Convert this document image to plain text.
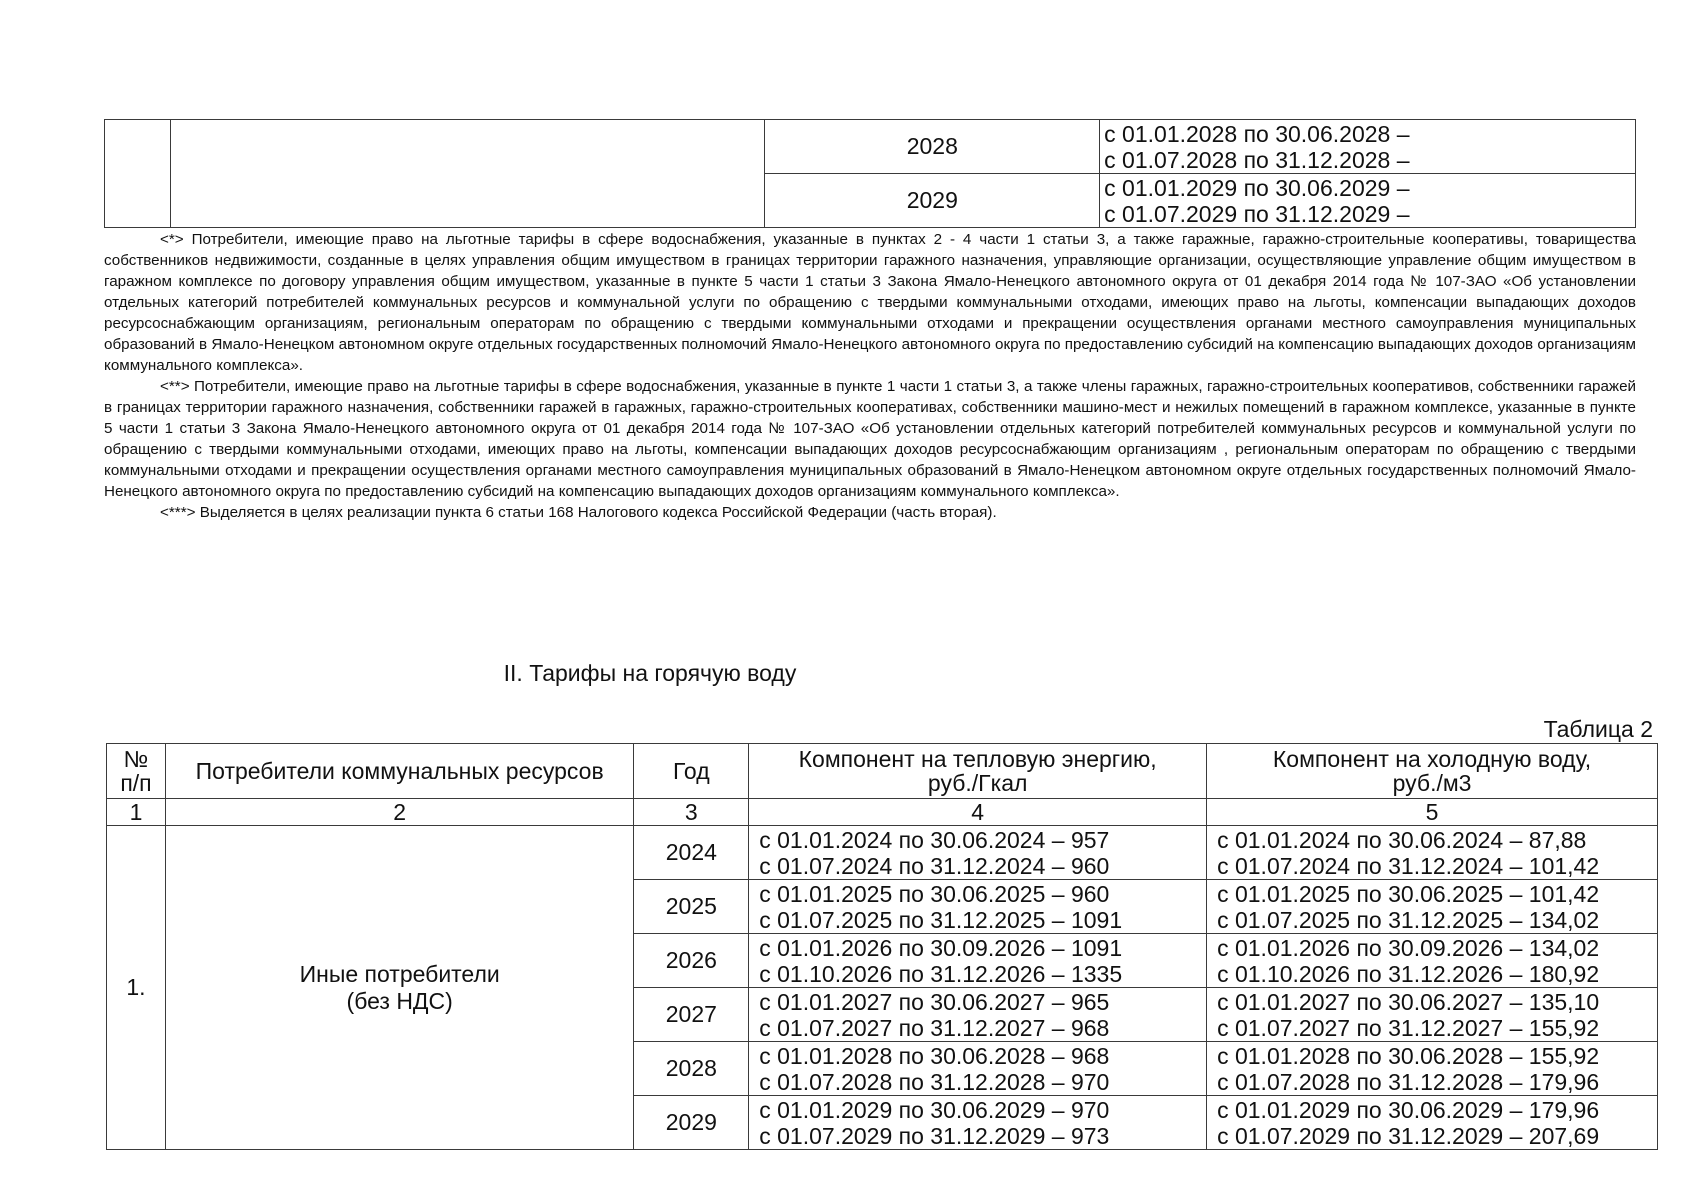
		2028	с 01.01.2028 по 30.06.2028 –
с 01.07.2028 по 31.12.2028 –

		2029	с 01.01.2029 по 30.06.2029 –
с 01.07.2029 по 31.12.2029 –

<*> Потребители, имеющие право на льготные тарифы в сфере водоснабжения, указанные в пунктах 2 - 4 части 1 статьи 3, а также гаражные, гаражно-строительные кооперативы, товарищества собственников недвижимости, созданные в целях управления общим имуществом в границах территории гаражного назначения, управляющие организации, осуществляющие управление общим имуществом в гаражном комплексе по договору управления общим имуществом, указанные в пункте 5 части 1 статьи 3 Закона Ямало-Ненецкого автономного округа от 01 декабря 2014 года № 107-ЗАО «Об установлении отдельных категорий потребителей коммунальных ресурсов и коммунальной услуги по обращению с твердыми коммунальными отходами, имеющих право на льготы, компенсации выпадающих доходов ресурсоснабжающим организациям, региональным операторам по обращению с твердыми коммунальными отходами и прекращении осуществления органами местного самоуправления муниципальных образований в Ямало-Ненецком автономном округе отдельных государственных полномочий Ямало-Ненецкого автономного округа по предоставлению субсидий на компенсацию выпадающих доходов организациям коммунального комплекса».

<**> Потребители, имеющие право на льготные тарифы в сфере водоснабжения, указанные в пункте 1 части 1 статьи 3, а также члены гаражных, гаражно-строительных кооперативов, собственники гаражей в границах территории гаражного назначения, собственники гаражей в гаражных, гаражно-строительных кооперативах, собственники машино-мест и нежилых помещений в гаражном комплексе, указанные в пункте 5 части 1 статьи 3 Закона Ямало-Ненецкого автономного округа от 01 декабря 2014 года № 107-ЗАО «Об установлении отдельных категорий потребителей коммунальных ресурсов и коммунальной услуги по обращению с твердыми коммунальными отходами, имеющих право на льготы, компенсации выпадающих доходов ресурсоснабжающим организациям , региональным операторам по обращению с твердыми коммунальными отходами и прекращении осуществления органами местного самоуправления муниципальных образований в Ямало-Ненецком автономном округе отдельных государственных полномочий Ямало-Ненецкого автономного округа по предоставлению субсидий на компенсацию выпадающих доходов организациям коммунального комплекса».

<***> Выделяется в целях реализации пункта 6 статьи 168 Налогового кодекса Российской Федерации (часть вторая).

II. Тарифы на горячую воду
Таблица 2
№
п/п	Потребители коммунальных ресурсов	Год	Компонент на тепловую энергию,
руб./Гкал	Компонент на холодную воду,
руб./м3

1	2	3	4	5
1.	Иные потребители
(без НДС)	2024	с 01.01.2024 по 30.06.2024 – 957
с 01.07.2024 по 31.12.2024 – 960	с 01.01.2024 по 30.06.2024 – 87,88
с 01.07.2024 по 31.12.2024 – 101,42

		2025	с 01.01.2025 по 30.06.2025 – 960
с 01.07.2025 по 31.12.2025 – 1091	с 01.01.2025 по 30.06.2025 – 101,42
с 01.07.2025 по 31.12.2025 – 134,02

		2026	с 01.01.2026 по 30.09.2026 – 1091
с 01.10.2026 по 31.12.2026 – 1335	с 01.01.2026 по 30.09.2026 – 134,02
с 01.10.2026 по 31.12.2026 – 180,92

		2027	с 01.01.2027 по 30.06.2027 – 965
с 01.07.2027 по 31.12.2027 – 968	с 01.01.2027 по 30.06.2027 – 135,10
с 01.07.2027 по 31.12.2027 – 155,92

		2028	с 01.01.2028 по 30.06.2028 – 968
с 01.07.2028 по 31.12.2028 – 970	с 01.01.2028 по 30.06.2028 – 155,92
с 01.07.2028 по 31.12.2028 – 179,96

		2029	с 01.01.2029 по 30.06.2029 – 970
с 01.07.2029 по 31.12.2029 – 973	с 01.01.2029 по 30.06.2029 – 179,96
с 01.07.2029 по 31.12.2029 – 207,69
